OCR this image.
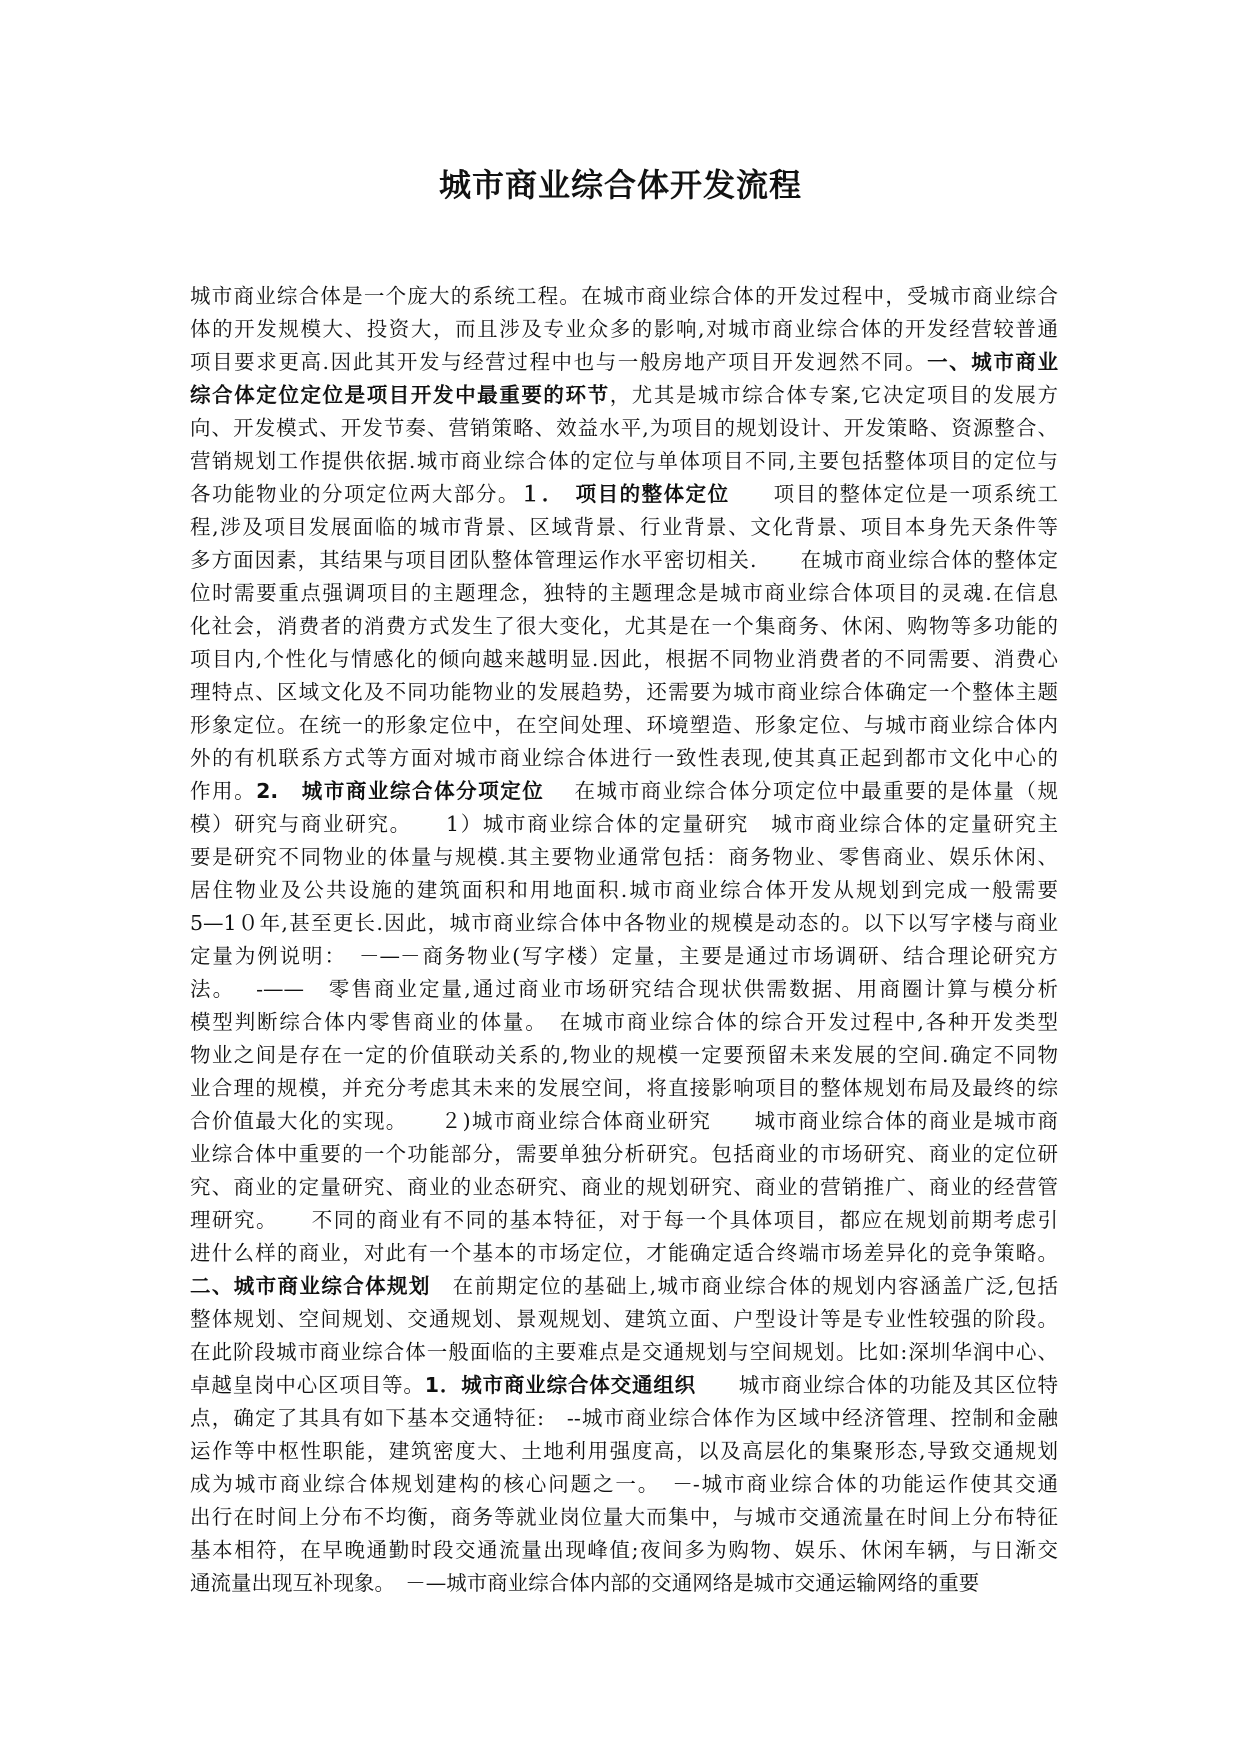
城市商业综合体开发流程
城市商业综合体是一个庞大的系统工程。在城市商业综合体的开发过程中，受城市商业综合
体的开发规模大、投资大，而且涉及专业众多的影响,对城市商业综合体的开发经营较普通
项目要求更高.因此其开发与经营过程中也与一般房地产项目开发迥然不同。一、城市商业
综合体定位定位是项目开发中最重要的环节，尤其是城市综合体专案,它决定项目的发展方
向、开发模式、开发节奏、营销策略、效益水平,为项目的规划设计、开发策略、资源整合、
营销规划工作提供依据.城市商业综合体的定位与单体项目不同,主要包括整体项目的定位与
各功能物业的分项定位两大部分。１．　项目的整体定位　　项目的整体定位是一项系统工
程,涉及项目发展面临的城市背景、区域背景、行业背景、文化背景、项目本身先天条件等
多方面因素，其结果与项目团队整体管理运作水平密切相关.　　在城市商业综合体的整体定
位时需要重点强调项目的主题理念，独特的主题理念是城市商业综合体项目的灵魂.在信息
化社会，消费者的消费方式发生了很大变化，尤其是在一个集商务、休闲、购物等多功能的
项目内,个性化与情感化的倾向越来越明显.因此，根据不同物业消费者的不同需要、消费心
理特点、区域文化及不同功能物业的发展趋势，还需要为城市商业综合体确定一个整体主题
形象定位。在统一的形象定位中，在空间处理、环境塑造、形象定位、与城市商业综合体内
外的有机联系方式等方面对城市商业综合体进行一致性表现,使其真正起到都市文化中心的
作用。2.　城市商业综合体分项定位　 在城市商业综合体分项定位中最重要的是体量（规
模）研究与商业研究。　　1）城市商业综合体的定量研究　城市商业综合体的定量研究主
要是研究不同物业的体量与规模.其主要物业通常包括：商务物业、零售商业、娱乐休闲、
居住物业及公共设施的建筑面积和用地面积.城市商业综合体开发从规划到完成一般需要
5—1０年,甚至更长.因此，城市商业综合体中各物业的规模是动态的。以下以写字楼与商业
定量为例说明：　－—－商务物业(写字楼）定量，主要是通过市场调研、结合理论研究方
法。　 -——　零售商业定量,通过商业市场研究结合现状供需数据、用商圈计算与模分析
模型判断综合体内零售商业的体量。　在城市商业综合体的综合开发过程中,各种开发类型
物业之间是存在一定的价值联动关系的,物业的规模一定要预留未来发展的空间.确定不同物
业合理的规模，并充分考虑其未来的发展空间，将直接影响项目的整体规划布局及最终的综
合价值最大化的实现。　　２)城市商业综合体商业研究　　城市商业综合体的商业是城市商
业综合体中重要的一个功能部分，需要单独分析研究。包括商业的市场研究、商业的定位研
究、商业的定量研究、商业的业态研究、商业的规划研究、商业的营销推广、商业的经营管
理研究。　　不同的商业有不同的基本特征，对于每一个具体项目，都应在规划前期考虑引
进什么样的商业，对此有一个基本的市场定位，才能确定适合终端市场差异化的竞争策略。
二、城市商业综合体规划　在前期定位的基础上,城市商业综合体的规划内容涵盖广泛,包括
整体规划、空间规划、交通规划、景观规划、建筑立面、户型设计等是专业性较强的阶段。
在此阶段城市商业综合体一般面临的主要难点是交通规划与空间规划。比如:深圳华润中心、
卓越皇岗中心区项目等。1．城市商业综合体交通组织　　城市商业综合体的功能及其区位特
点，确定了其具有如下基本交通特征:　--城市商业综合体作为区域中经济管理、控制和金融
运作等中枢性职能，建筑密度大、土地利用强度高，以及高层化的集聚形态,导致交通规划
成为城市商业综合体规划建构的核心问题之一。　－-城市商业综合体的功能运作使其交通
出行在时间上分布不均衡，商务等就业岗位量大而集中，与城市交通流量在时间上分布特征
基本相符，在早晚通勤时段交通流量出现峰值;夜间多为购物、娱乐、休闲车辆，与日渐交
通流量出现互补现象。　－—城市商业综合体内部的交通网络是城市交通运输网络的重要
